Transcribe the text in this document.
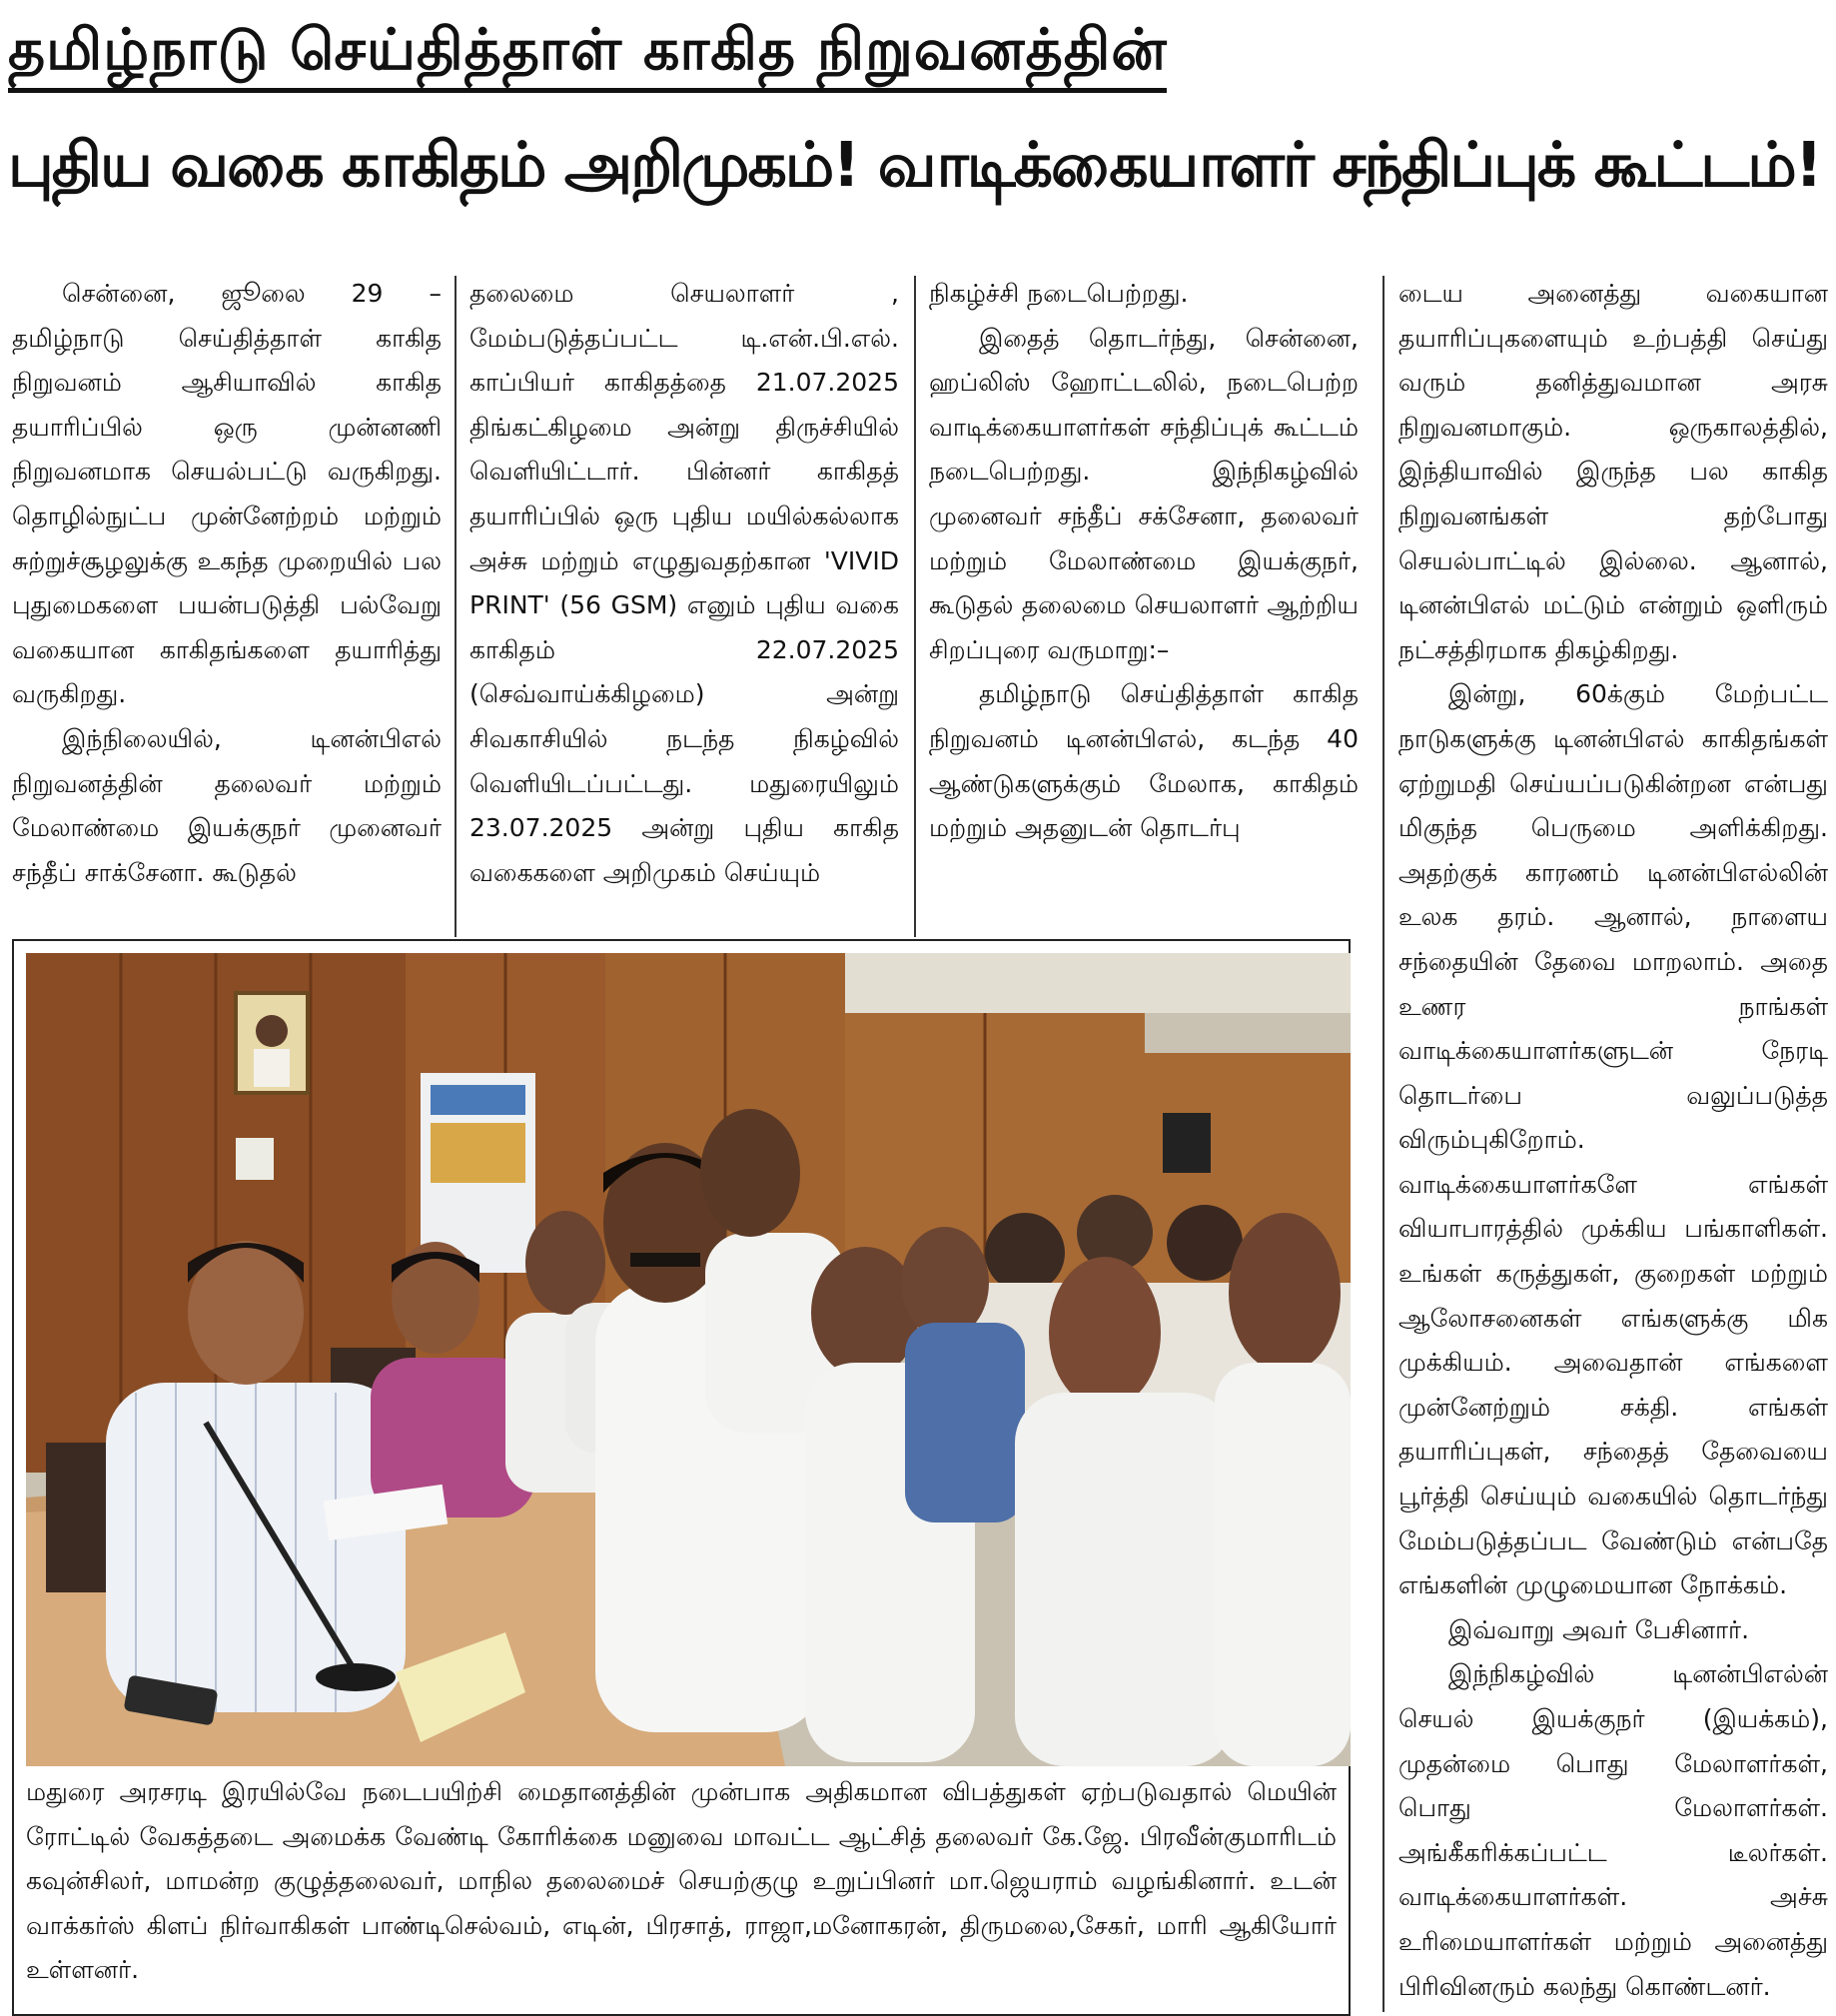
தமிழ்நாடு செய்தித்தாள் காகித நிறுவனத்தின்
புதிய வகை காகிதம் அறிமுகம்! வாடிக்கையாளர் சந்திப்புக் கூட்டம்!

சென்னை, ஜூலை 29 – தமிழ்நாடு செய்தித்தாள் காகித நிறுவனம் ஆசியாவில் காகித தயாரிப்பில் ஒரு முன்னணி நிறுவனமாக செயல்பட்டு வருகிறது. தொழில்நுட்ப முன்னேற்றம் மற்றும் சுற்றுச்சூழலுக்கு உகந்த முறையில் பல புதுமைகளை பயன்படுத்தி பல்வேறு வகையான காகிதங்களை தயாரித்து வருகிறது.

இந்நிலையில், டினன்பிஎல் நிறுவனத்தின் தலைவர் மற்றும் மேலாண்மை இயக்குநர் முனைவர் சந்தீப் சாக்சேனா. கூடுதல்

தலைமை செயலாளர் , மேம்படுத்தப்பட்ட டி.என்.பி.எல். காப்பியர் காகிதத்தை 21.07.2025 திங்கட்கிழமை அன்று திருச்சியில் வெளியிட்டார். பின்னர் காகிதத் தயாரிப்பில் ஒரு புதிய மயில்கல்லாக அச்சு மற்றும் எழுதுவதற்கான 'VIVID PRINT' (56 GSM) எனும் புதிய வகை காகிதம் 22.07.2025 (செவ்வாய்க்கிழமை) அன்று சிவகாசியில் நடந்த நிகழ்வில் வெளியிடப்பட்டது. மதுரையிலும் 23.07.2025 அன்று புதிய காகித வகைகளை அறிமுகம் செய்யும்

நிகழ்ச்சி நடைபெற்றது.

இதைத் தொடர்ந்து, சென்னை, ஹப்லிஸ் ஹோட்டலில், நடைபெற்ற வாடிக்கையாளர்கள் சந்திப்புக் கூட்டம் நடைபெற்றது. இந்நிகழ்வில் முனைவர் சந்தீப் சக்சேனா, தலைவர் மற்றும் மேலாண்மை இயக்குநர், கூடுதல் தலைமை செயலாளர் ஆற்றிய சிறப்புரை வருமாறு:–

தமிழ்நாடு செய்தித்தாள் காகித நிறுவனம் டினன்பிஎல், கடந்த 40 ஆண்டுகளுக்கும் மேலாக, காகிதம் மற்றும் அதனுடன் தொடர்பு

டைய அனைத்து வகையான தயாரிப்புகளையும் உற்பத்தி செய்து வரும் தனித்துவமான அரசு நிறுவனமாகும். ஒருகாலத்தில், இந்தியாவில் இருந்த பல காகித நிறுவனங்கள் தற்போது செயல்பாட்டில் இல்லை. ஆனால், டினன்பிஎல் மட்டும் என்றும் ஒளிரும் நட்சத்திரமாக திகழ்கிறது.

இன்று, 60க்கும் மேற்பட்ட நாடுகளுக்கு டினன்பிஎல் காகிதங்கள் ஏற்றுமதி செய்யப்படுகின்றன என்பது மிகுந்த பெருமை அளிக்கிறது. அதற்குக் காரணம் டினன்பிஎல்லின் உலக தரம். ஆனால், நாளைய சந்தையின் தேவை மாறலாம். அதை உணர நாங்கள் வாடிக்கையாளர்களுடன் நேரடி தொடர்பை வலுப்படுத்த விரும்புகிறோம். வாடிக்கையாளர்களே எங்கள் வியாபாரத்தில் முக்கிய பங்காளிகள். உங்கள் கருத்துகள், குறைகள் மற்றும் ஆலோசனைகள் எங்களுக்கு மிக முக்கியம். அவைதான் எங்களை முன்னேற்றும் சக்தி. எங்கள் தயாரிப்புகள், சந்தைத் தேவையை பூர்த்தி செய்யும் வகையில் தொடர்ந்து மேம்படுத்தப்பட வேண்டும் என்பதே எங்களின் முழுமையான நோக்கம்.

இவ்வாறு அவர் பேசினார்.

இந்நிகழ்வில் டினன்பிஎல்ன் செயல் இயக்குநர் (இயக்கம்), முதன்மை பொது மேலாளர்கள், பொது மேலாளர்கள். அங்கீகரிக்கப்பட்ட டீலர்கள். வாடிக்கையாளர்கள். அச்சு உரிமையாளர்கள் மற்றும் அனைத்து பிரிவினரும் கலந்து கொண்டனர்.

மதுரை அரசரடி இரயில்வே நடைபயிற்சி மைதானத்தின் முன்பாக அதிகமான விபத்துகள் ஏற்படுவதால் மெயின் ரோட்டில் வேகத்தடை அமைக்க வேண்டி கோரிக்கை மனுவை மாவட்ட ஆட்சித் தலைவர் கே.ஜே. பிரவீன்குமாரிடம் கவுன்சிலர், மாமன்ற குழுத்தலைவர், மாநில தலைமைச் செயற்குழு உறுப்பினர் மா.ஜெயராம் வழங்கினார். உடன் வாக்கர்ஸ் கிளப் நிர்வாகிகள் பாண்டிசெல்வம், எடின், பிரசாத், ராஜா,மனோகரன், திருமலை,சேகர், மாரி ஆகியோர் உள்ளனர்.
